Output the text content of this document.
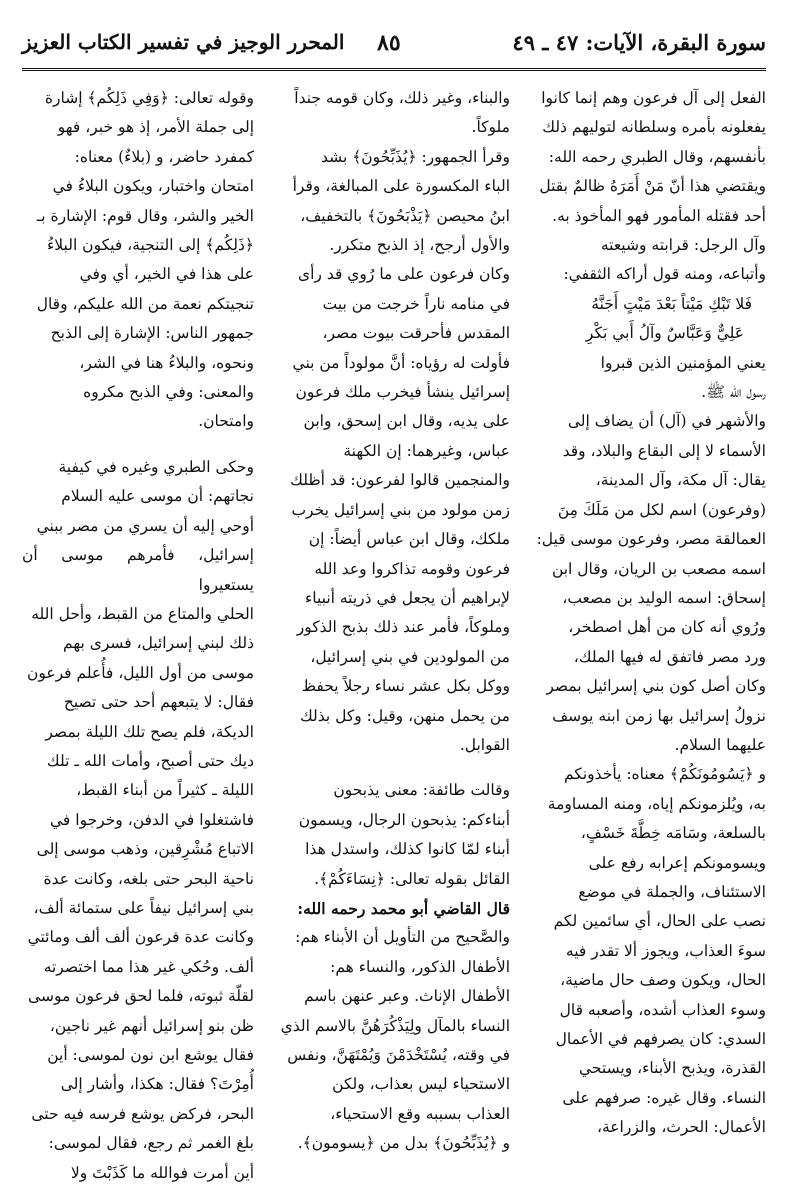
سورة البقرة، الآيات: ٤٧ ـ ٤٩
٨٥
المحرر الوجيز في تفسير الكتاب العزيز

الفعل إلى آل فرعون وهم إنما كانوا
يفعلونه بأمره وسلطانه لتوليهم ذلك
بأنفسهم، وقال الطبري رحمه الله:
ويقتضي هذا أنّ مَنْ أَمَرَهُ ظالمٌ بقتل
أحد فقتله المأمور فهو المأخوذ به.

وآل الرجل: قرابته وشيعته
وأتباعه، ومنه قول أراكه الثقفي:

فَلا تَبْكِ مَيْتاً بَعْدَ مَيْتٍ أَجَنَّهُ
عَلِيٌّ وَعَبَّاسٌ وآلُ أَبي بَكْرِ

يعني المؤمنين الذين قبروا
رسول الله ﷺ.

والأشهر في (آل) أن يضاف إلى
الأسماء لا إلى البقاع والبلاد، وقد
يقال: آل مكة، وآل المدينة،
(وفرعون) اسم لكل من مَلَكَ مِنَ
العمالقة مصر، وفرعون موسى قيل:
اسمه مصعب بن الريان، وقال ابن
إسحاق: اسمه الوليد بن مصعب،
ورُوي أنه كان من أهل اصطخر،
ورد مصر فاتفق له فيها الملك،
وكان أصل كون بني إسرائيل بمصر
نزولُ إسرائيل بها زمن ابنه يوسف
عليهما السلام.

و ﴿يَسُومُونَكُمْ﴾ معناه: يأخذونكم
به، ويُلزمونكم إياه، ومنه المساومة
بالسلعة، وسَامَه خِطَّةَ خَسْفٍ،
ويسومونكم إعرابه رفع على
الاستئناف، والجملة في موضع
نصب على الحال، أي سائمين لكم
سوءَ العذاب، ويجوز ألا تقدر فيه
الحال، ويكون وصف حال ماضية،
وسوء العذاب أشده، وأصعبه قال
السدي: كان يصرفهم في الأعمال
القذرة، ويذبح الأبناء، ويستحي
النساء. وقال غيره: صرفهم على
الأعمال: الحرث، والزراعة،

والبناء، وغير ذلك، وكان قومه جنداً
ملوكاً.

وقرأ الجمهور: ﴿يُذَبِّحُونَ﴾ بشد
الباء المكسورة على المبالغة، وقرأ
ابنُ محيصن ﴿يَذْبَحُونَ﴾ بالتخفيف،
والأول أرجح، إذ الذبح متكرر.

وكان فرعون على ما رُوي قد رأى
في منامه ناراً خرجت من بيت
المقدس فأحرقت بيوت مصر،
فأولت له رؤياه: أنَّ مولوداً من بني
إسرائيل ينشأ فيخرب ملك فرعون
على يديه، وقال ابن إسحق، وابن
عباس، وغيرهما: إن الكهنة
والمنجمين قالوا لفرعون: قد أظلك
زمن مولود من بني إسرائيل يخرب
ملكك، وقال ابن عباس أيضاً: إن
فرعون وقومه تذاكروا وعد الله
لإبراهيم أن يجعل في ذريته أنبياء
وملوكاً، فأمر عند ذلك بذبح الذكور
من المولودين في بني إسرائيل،
ووكل بكل عشر نساء رجلاً يحفظ
من يحمل منهن، وقيل: وكل بذلك
القوابل.

وقالت طائفة: معنى يذبحون
أبناءكم: يذبحون الرجال، ويسمون
أبناء لمّا كانوا كذلك، واستدل هذا
القائل بقوله تعالى: ﴿نِسَاءَكُمْ﴾.

قال القاضي أبو محمد رحمه الله:

والصَّحيح من التأويل أن الأبناء هم:
الأطفال الذكور، والنساء هم:
الأطفال الإناث. وعبر عنهن باسم
النساء بالمآل ولِيَذْكُرَهُنَّ بالاسم الذي
في وقته، يُسْتَخْدَمْنَ وَيُمْتَهَنَّ، ونفس
الاستحياء ليس بعذاب، ولكن
العذاب بسببه وقع الاستحياء،
و ﴿يُذَبِّحُونَ﴾ بدل من ﴿يسومون﴾.

وقوله تعالى: ﴿وَفِي ذَلِكُم﴾ إشارة
إلى جملة الأمر، إذ هو خبر، فهو
كمفرد حاضر، و (بلاءٌ) معناه:
امتحان واختبار، ويكون البلاءُ في
الخير والشر، وقال قوم: الإشارة بـ
﴿ذَلِكُم﴾ إلى التنجية، فيكون البلاءُ
على هذا في الخير، أي وفي
تنجيتكم نعمة من الله عليكم، وقال
جمهور الناس: الإشارة إلى الذبح
ونحوه، والبلاءُ هنا في الشر،
والمعنى: وفي الذبح مكروه
وامتحان.

وحكى الطبري وغيره في كيفية
نجاتهم: أن موسى عليه السلام
أوحي إليه أن يسري من مصر ببني
إسرائيل، فأمرهم موسى أن يستعيروا
الحلي والمتاع من القبط، وأحل الله
ذلك لبني إسرائيل، فسرى بهم
موسى من أول الليل، فأُعلم فرعون
فقال: لا يتبعهم أحد حتى تصيح
الديكة، فلم يصح تلك الليلة بمصر
ديك حتى أصبح، وأمات الله ـ تلك
الليلة ـ كثيراً من أبناء القبط،
فاشتغلوا في الدفن، وخرجوا في
الاتباع مُشْرِقين، وذهب موسى إلى
ناحية البحر حتى بلغه، وكانت عدة
بني إسرائيل نيفاً على ستمائة ألف،
وكانت عدة فرعون ألف ألف ومائتي
ألف. وحُكي غير هذا مما اختصرته
لقلّة ثبوته، فلما لحق فرعون موسى
ظن بنو إسرائيل أنهم غير ناجين،
فقال يوشع ابن نون لموسى: أين
أُمِرْتَ؟ فقال: هكذا، وأشار إلى
البحر، فركض يوشع فرسه فيه حتى
بلغ الغمر ثم رجع، فقال لموسى:
أين أمرت فوالله ما كَذَبْتَ ولا
